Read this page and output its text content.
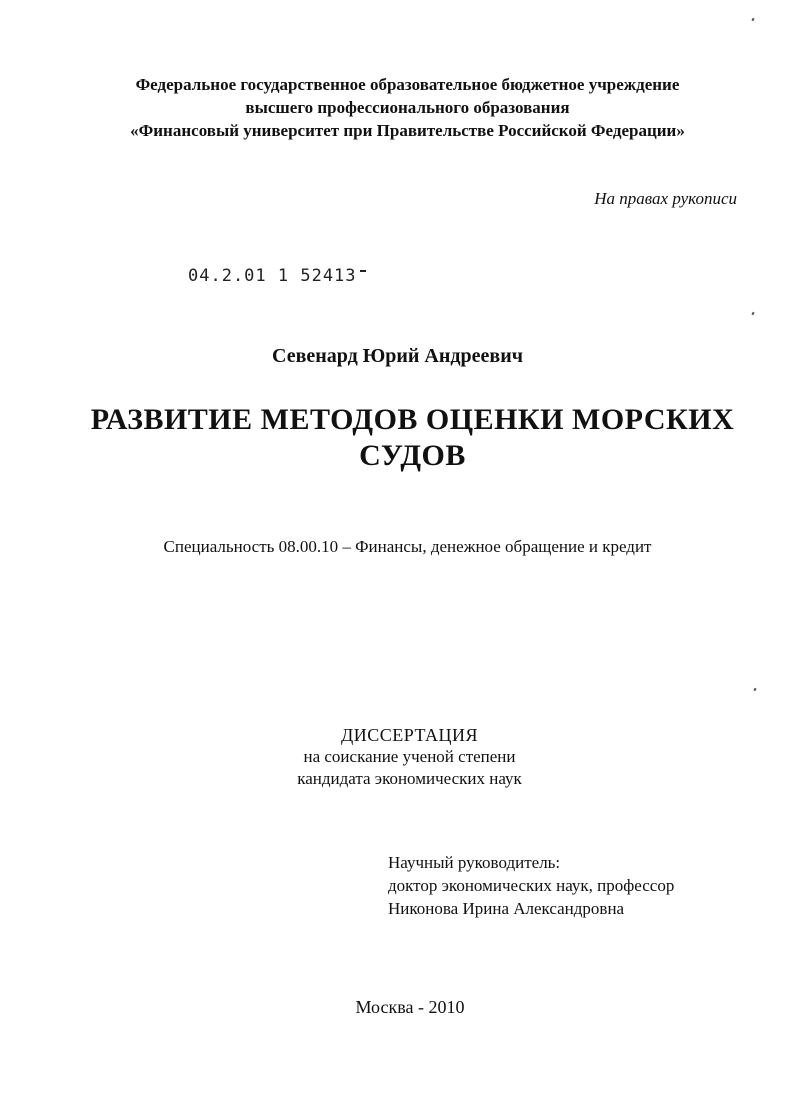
Федеральное государственное образовательное бюджетное учреждение
высшего профессионального образования
«Финансовый университет при Правительстве Российской Федерации»
На правах рукописи
04.2.01 1 52413
Севенард Юрий Андреевич
РАЗВИТИЕ МЕТОДОВ ОЦЕНКИ МОРСКИХ
СУДОВ
Специальность 08.00.10 – Финансы, денежное обращение и кредит
ДИССЕРТАЦИЯ
на соискание ученой степени
кандидата экономических наук
Научный руководитель:
доктор экономических наук, профессор
Никонова Ирина Александровна
Москва - 2010
